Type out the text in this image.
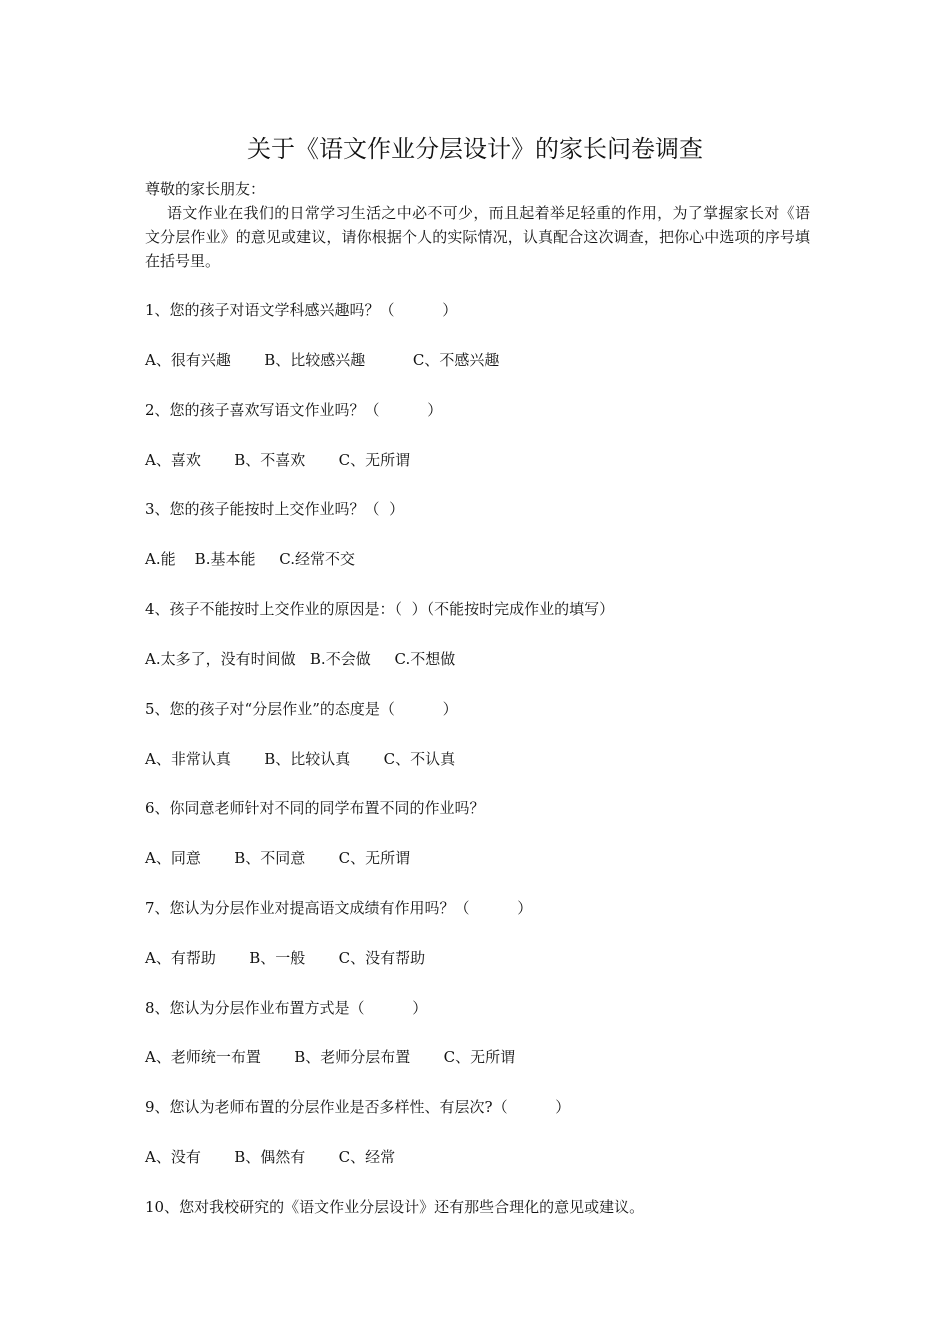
关于《语文作业分层设计》的家长问卷调查
尊敬的家长朋友：
语文作业在我们的日常学习生活之中必不可少，而且起着举足轻重的作用，为了掌握家长对《语文分层作业》的意见或建议，请你根据个人的实际情况，认真配合这次调查，把你心中选项的序号填在括号里。
1、您的孩子对语文学科感兴趣吗？（          ）
A、很有兴趣       B、比较感兴趣          C、不感兴趣
2、您的孩子喜欢写语文作业吗？（          ）
A、喜欢       B、不喜欢       C、无所谓
3、您的孩子能按时上交作业吗？（  ）
A.能    B.基本能     C.经常不交
4、孩子不能按时上交作业的原因是：（  ）（不能按时完成作业的填写）
A.太多了，没有时间做   B.不会做     C.不想做
5、您的孩子对“分层作业”的态度是（          ）
A、非常认真       B、比较认真       C、不认真
6、你同意老师针对不同的同学布置不同的作业吗？
A、同意       B、不同意       C、无所谓
7、您认为分层作业对提高语文成绩有作用吗？（          ）
A、有帮助       B、一般       C、没有帮助
8、您认为分层作业布置方式是（          ）
A、老师统一布置       B、老师分层布置       C、无所谓
9、您认为老师布置的分层作业是否多样性、有层次?（          ）
A、没有       B、偶然有       C、经常
10、您对我校研究的《语文作业分层设计》还有那些合理化的意见或建议。
